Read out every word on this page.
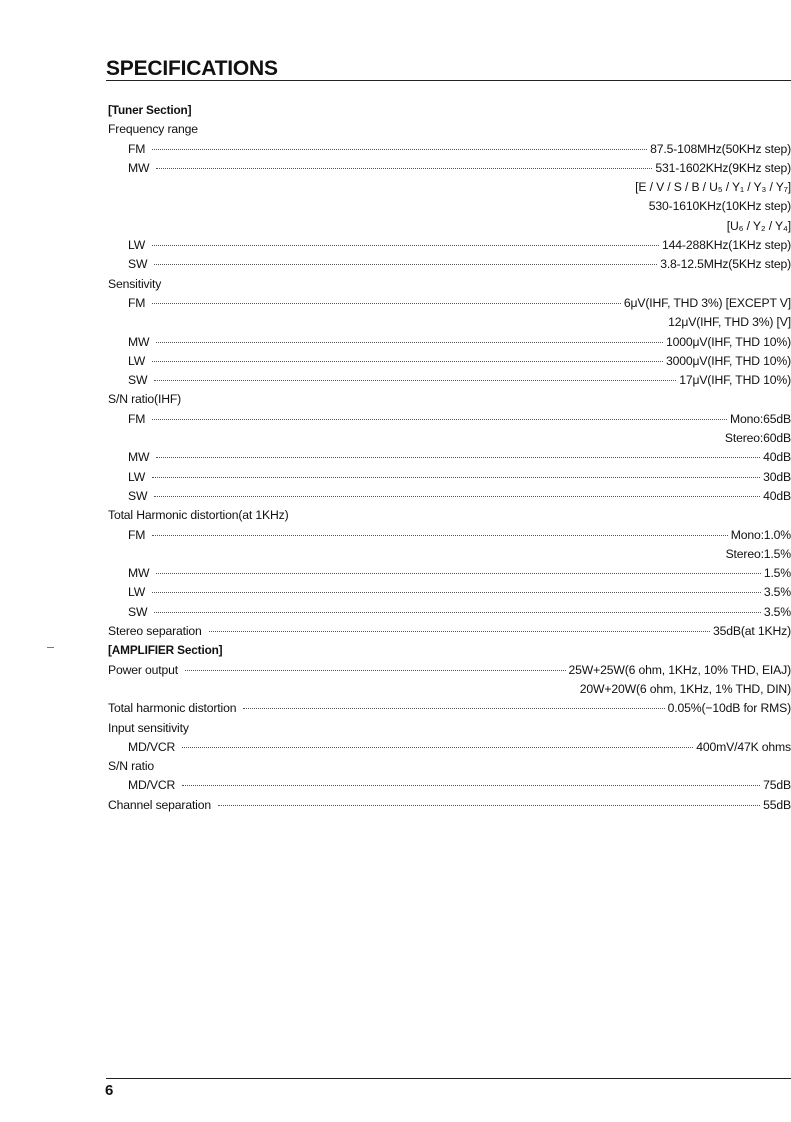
SPECIFICATIONS
[Tuner Section]
Frequency range
FM	87.5-108MHz(50KHz step)
MW	531-1602KHz(9KHz step)
[E / V / S / B / U₅ / Y₁ / Y₃ / Y₇]
530-1610KHz(10KHz step)
[U₆ / Y₂ / Y₄]
LW	144-288KHz(1KHz step)
SW	3.8-12.5MHz(5KHz step)
Sensitivity
FM	6μV(IHF, THD 3%) [EXCEPT V]
12μV(IHF, THD 3%) [V]
MW	1000μV(IHF, THD 10%)
LW	3000μV(IHF, THD 10%)
SW	17μV(IHF, THD 10%)
S/N ratio(IHF)
FM	Mono:65dB
Stereo:60dB
MW	40dB
LW	30dB
SW	40dB
Total Harmonic distortion(at 1KHz)
FM	Mono:1.0%
Stereo:1.5%
MW	1.5%
LW	3.5%
SW	3.5%
Stereo separation	35dB(at 1KHz)
[AMPLIFIER Section]
Power output	25W+25W(6 ohm, 1KHz, 10% THD, EIAJ)
20W+20W(6 ohm, 1KHz, 1% THD, DIN)
Total harmonic distortion	0.05%(−10dB for RMS)
Input sensitivity
MD/VCR	400mV/47K ohms
S/N ratio
MD/VCR	75dB
Channel separation	55dB
6
